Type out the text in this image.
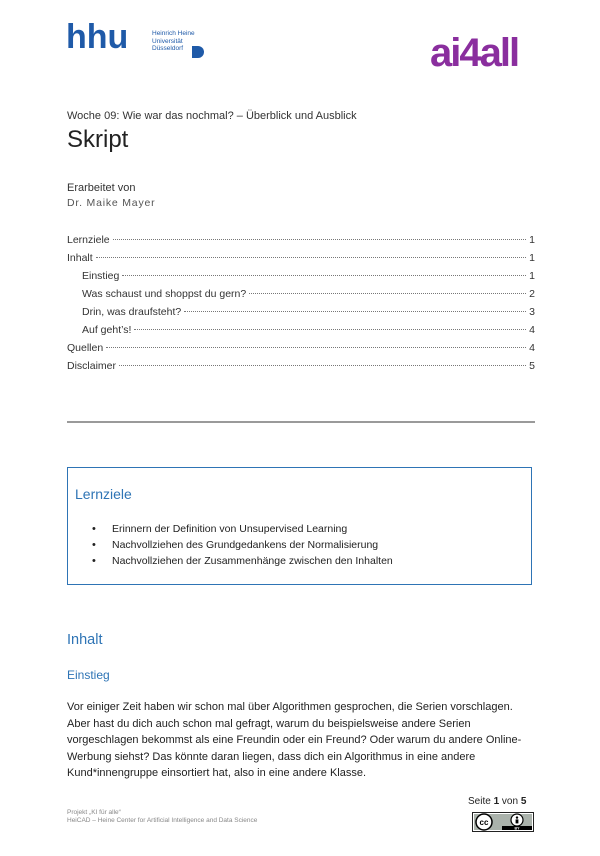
hhu	Heinrich Heine
Universität
Düsseldorf	ai4all
Woche 09: Wie war das nochmal? – Überblick und Ausblick
Skript
Erarbeitet von
Dr. Maike Mayer
Lernziele	1
Inhalt	1
Einstieg	1
Was schaust und shoppst du gern?	2
Drin, was draufsteht?	3
Auf geht’s!	4
Quellen	4
Disclaimer	5
Lernziele
• Erinnern der Definition von Unsupervised Learning
• Nachvollziehen des Grundgedankens der Normalisierung
• Nachvollziehen der Zusammenhänge zwischen den Inhalten
Inhalt
Einstieg

Vor einiger Zeit haben wir schon mal über Algorithmen gesprochen, die Serien vorschlagen. Aber hast du dich auch schon mal gefragt, warum du beispielsweise andere Serien vorgeschlagen bekommst als eine Freundin oder ein Freund? Oder warum du andere Online-Werbung siehst? Das könnte daran liegen, dass dich ein Algorithmus in eine andere Kund*innengruppe einsortiert hat, also in eine andere Klasse.

Projekt „KI für alle“
HeiCAD – Heine Center for Artificial Intelligence and Data Science
Seite 1 von 5
cc
BY
